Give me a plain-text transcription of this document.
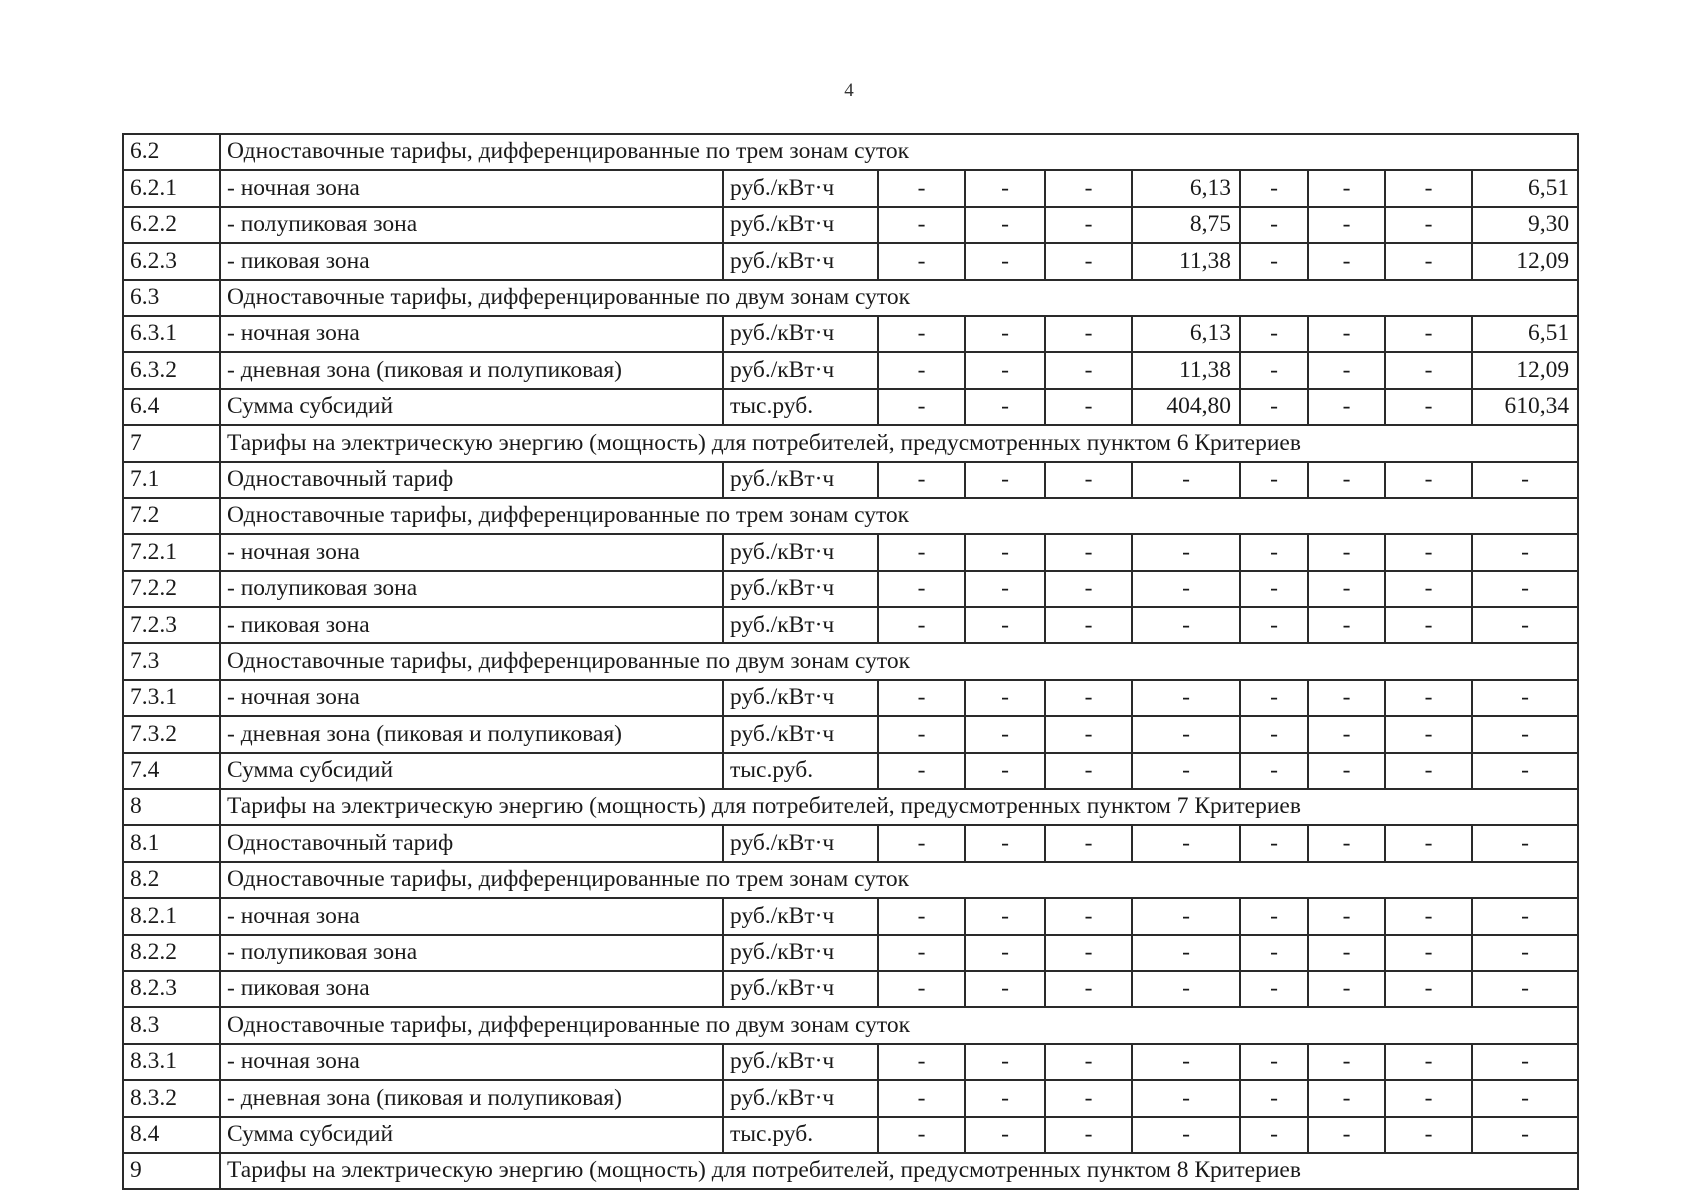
4
6.2	Одноставочные тарифы, дифференцированные по трем зонам суток									
6.2.1	- ночная зона	руб./кВт·ч	-	-	-	6,13	-	-	-	6,51
6.2.2	- полупиковая зона	руб./кВт·ч	-	-	-	8,75	-	-	-	9,30
6.2.3	- пиковая зона	руб./кВт·ч	-	-	-	11,38	-	-	-	12,09
6.3	Одноставочные тарифы, дифференцированные по двум зонам суток									
6.3.1	- ночная зона	руб./кВт·ч	-	-	-	6,13	-	-	-	6,51
6.3.2	- дневная зона (пиковая и полупиковая)	руб./кВт·ч	-	-	-	11,38	-	-	-	12,09
6.4	Сумма субсидий	тыс.руб.	-	-	-	404,80	-	-	-	610,34
7	Тарифы на электрическую энергию (мощность) для потребителей, предусмотренных пунктом 6 Критериев									
7.1	Одноставочный тариф	руб./кВт·ч	-	-	-	-	-	-	-	-
7.2	Одноставочные тарифы, дифференцированные по трем зонам суток									
7.2.1	- ночная зона	руб./кВт·ч	-	-	-	-	-	-	-	-
7.2.2	- полупиковая зона	руб./кВт·ч	-	-	-	-	-	-	-	-
7.2.3	- пиковая зона	руб./кВт·ч	-	-	-	-	-	-	-	-
7.3	Одноставочные тарифы, дифференцированные по двум зонам суток									
7.3.1	- ночная зона	руб./кВт·ч	-	-	-	-	-	-	-	-
7.3.2	- дневная зона (пиковая и полупиковая)	руб./кВт·ч	-	-	-	-	-	-	-	-
7.4	Сумма субсидий	тыс.руб.	-	-	-	-	-	-	-	-
8	Тарифы на электрическую энергию (мощность) для потребителей, предусмотренных пунктом 7 Критериев									
8.1	Одноставочный тариф	руб./кВт·ч	-	-	-	-	-	-	-	-
8.2	Одноставочные тарифы, дифференцированные по трем зонам суток									
8.2.1	- ночная зона	руб./кВт·ч	-	-	-	-	-	-	-	-
8.2.2	- полупиковая зона	руб./кВт·ч	-	-	-	-	-	-	-	-
8.2.3	- пиковая зона	руб./кВт·ч	-	-	-	-	-	-	-	-
8.3	Одноставочные тарифы, дифференцированные по двум зонам суток									
8.3.1	- ночная зона	руб./кВт·ч	-	-	-	-	-	-	-	-
8.3.2	- дневная зона (пиковая и полупиковая)	руб./кВт·ч	-	-	-	-	-	-	-	-
8.4	Сумма субсидий	тыс.руб.	-	-	-	-	-	-	-	-
9	Тарифы на электрическую энергию (мощность) для потребителей, предусмотренных пунктом 8 Критериев									
